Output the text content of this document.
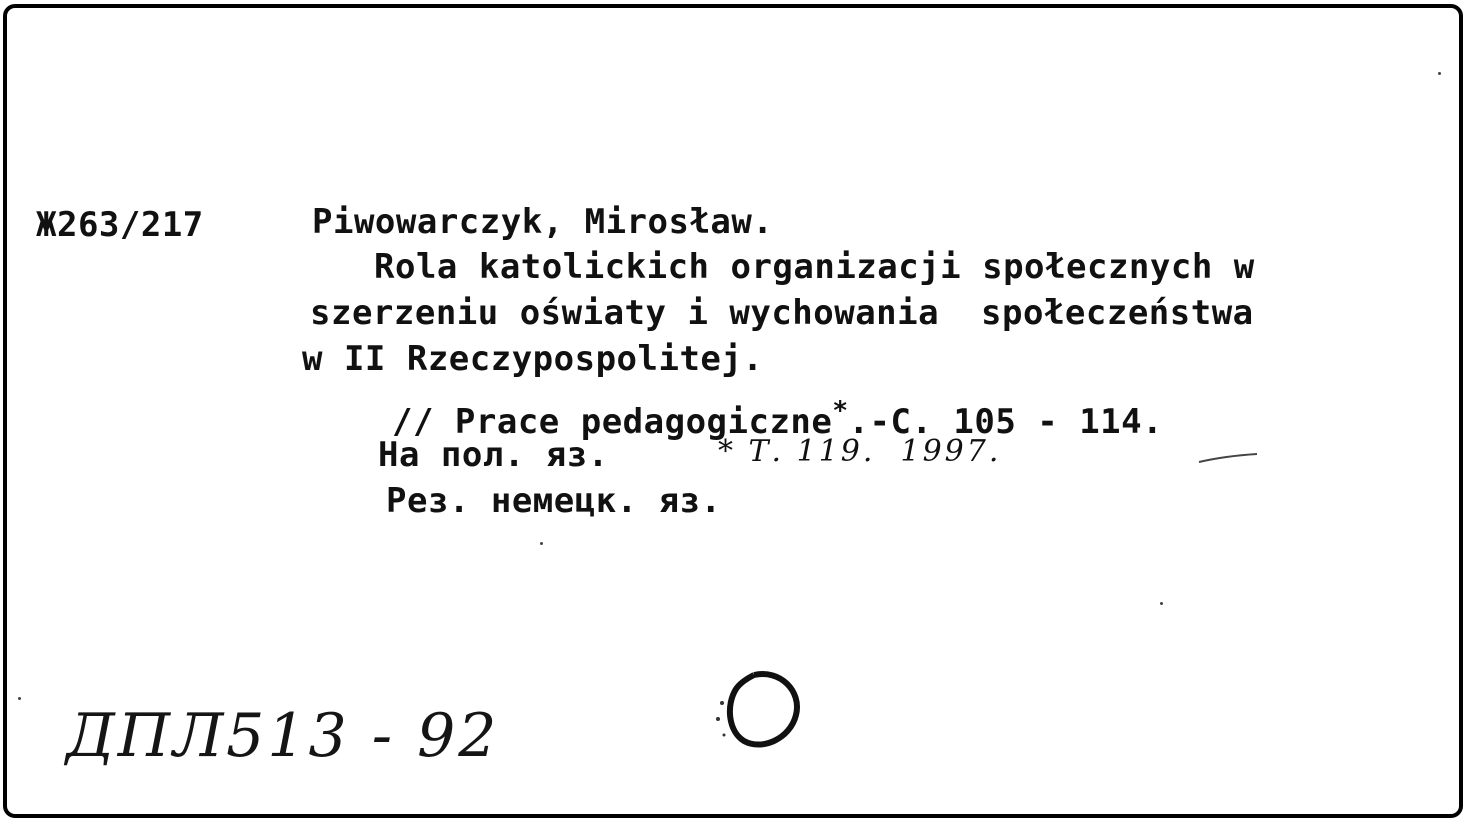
Ж263/217	Piwowarczyk, Mirosław.
Rola katolickich organizacji społecznych w
szerzeniu oświaty i wychowania  społeczeństwa
w II Rzeczypospolitej.

// Prace pedagogiczne*.-C. 105 - 114.

На пол. яз.	* Т. 119.  1997.
Рез. немецк. яз.
ДПЛ513 - 92
